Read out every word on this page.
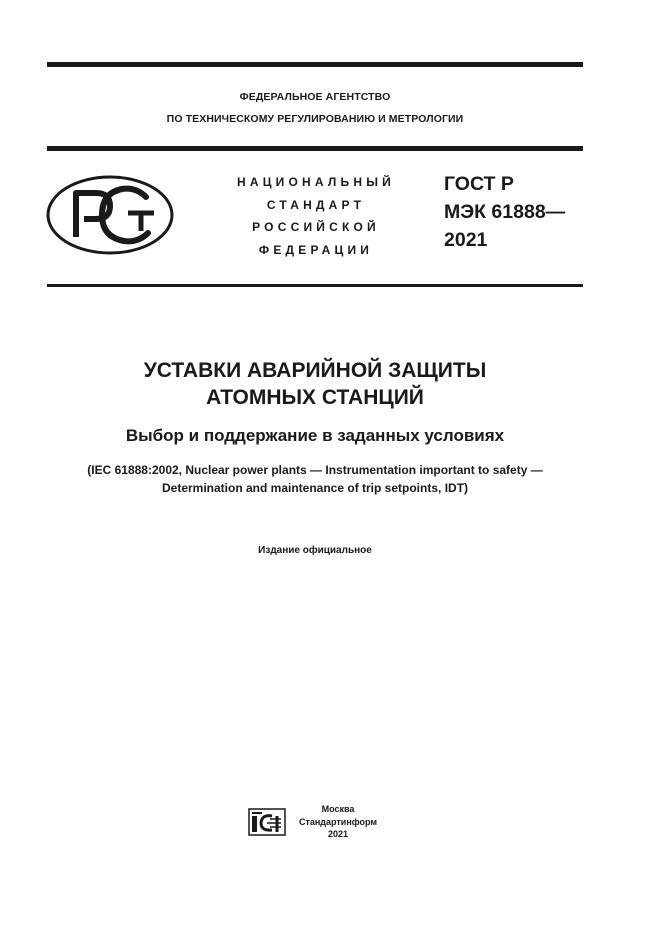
ФЕДЕРАЛЬНОЕ АГЕНТСТВО
ПО ТЕХНИЧЕСКОМУ РЕГУЛИРОВАНИЮ И МЕТРОЛОГИИ
НАЦИОНАЛЬНЫЙ
СТАНДАРТ
РОССИЙСКОЙ
ФЕДЕРАЦИИ
ГОСТ Р
МЭК 61888—
2021
УСТАВКИ АВАРИЙНОЙ ЗАЩИТЫ
АТОМНЫХ СТАНЦИЙ
Выбор и поддержание в заданных условиях
(IEC 61888:2002, Nuclear power plants — Instrumentation important to safety —
Determination and maintenance of trip setpoints, IDT)
Издание официальное
Москва
Стандартинформ
2021
